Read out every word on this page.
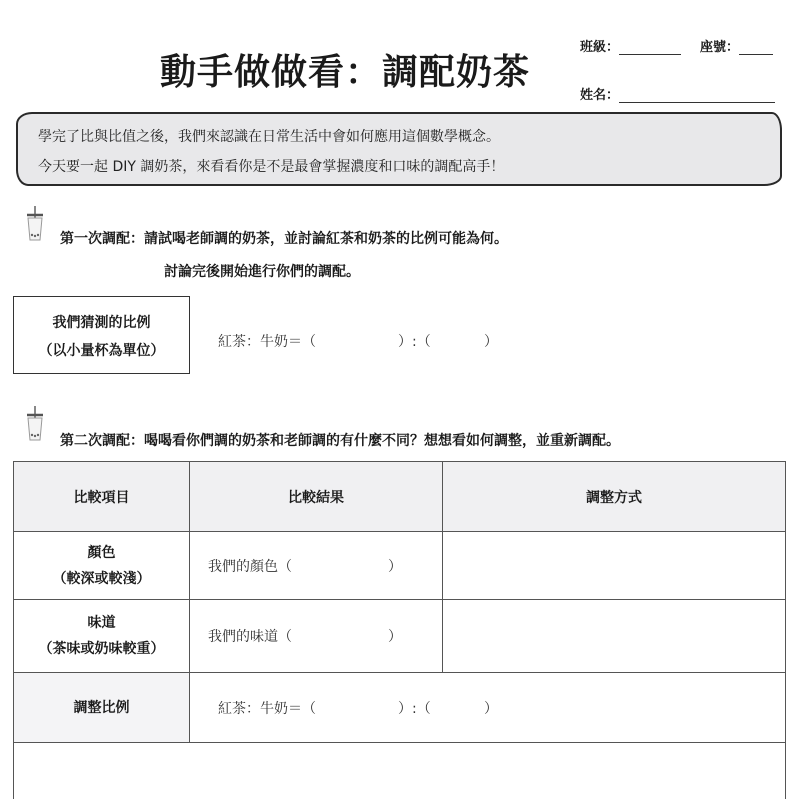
動手做做看：調配奶茶
班級：	座號：
姓名：
學完了比與比值之後，我們來認識在日常生活中會如何應用這個數學概念。
今天要一起 DIY 調奶茶，來看看你是不是最會掌握濃度和口味的調配高手！
第一次調配：請試喝老師調的奶茶，並討論紅茶和奶茶的比例可能為何。
討論完後開始進行你們的調配。
我們猜測的比例
（以小量杯為單位）
紅茶：牛奶＝（	）:（	）
第二次調配：喝喝看你們調的奶茶和老師調的有什麼不同？想想看如何調整，並重新調配。
比較項目	比較結果	調整方式

顏色
（較深或較淺）	我們的顏色（ ）	

味道
（茶味或奶味較重）	我們的味道（ ）	
調整比例	紅茶：牛奶＝（ ）:（ ）	
